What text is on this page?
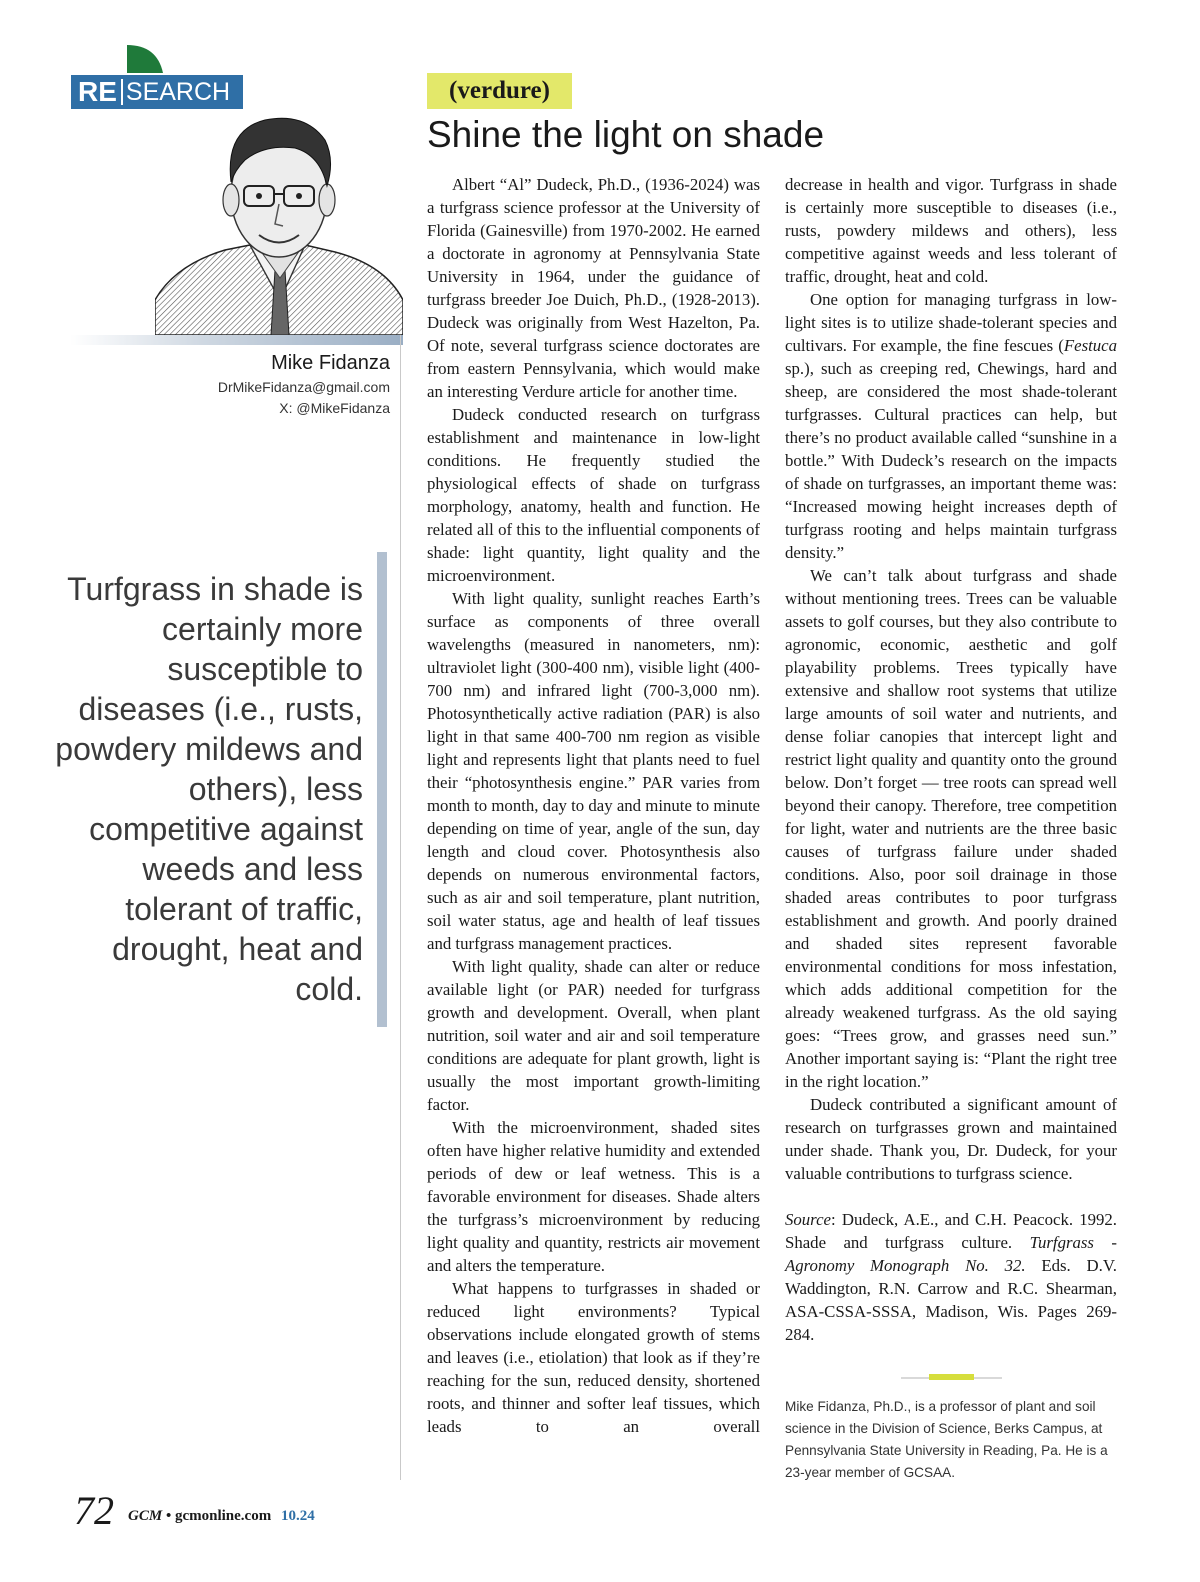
RE SEARCH
Mike Fidanza
DrMikeFidanza@gmail.com
X: @MikeFidanza
Turfgrass in shade is certainly more susceptible to diseases (i.e., rusts, powdery mildews and others), less competitive against weeds and less tolerant of traffic, drought, heat and cold.
(verdure)
Shine the light on shade

Albert “Al” Dudeck, Ph.D., (1936-2024) was a turfgrass science professor at the University of Florida (Gainesville) from 1970-2002. He earned a doctorate in agronomy at Pennsylvania State University in 1964, under the guidance of turfgrass breeder Joe Duich, Ph.D., (1928-2013). Dudeck was originally from West Hazelton, Pa. Of note, several turfgrass science doctorates are from eastern Pennsylvania, which would make an interesting Verdure article for another time.

Dudeck conducted research on turfgrass establishment and maintenance in low-light conditions. He frequently studied the physiological effects of shade on turfgrass morphology, anatomy, health and function. He related all of this to the influential components of shade: light quantity, light quality and the microenvironment.

With light quality, sunlight reaches Earth’s surface as components of three overall wavelengths (measured in nanometers, nm): ultraviolet light (300-400 nm), visible light (400-700 nm) and infrared light (700-3,000 nm). Photosynthetically active radiation (PAR) is also light in that same 400-700 nm region as visible light and represents light that plants need to fuel their “photosynthesis engine.” PAR varies from month to month, day to day and minute to minute depending on time of year, angle of the sun, day length and cloud cover. Photosynthesis also depends on numerous environmental factors, such as air and soil temperature, plant nutrition, soil water status, age and health of leaf tissues and turfgrass management practices.

With light quality, shade can alter or reduce available light (or PAR) needed for turfgrass growth and development. Overall, when plant nutrition, soil water and air and soil temperature conditions are adequate for plant growth, light is usually the most important growth-limiting factor.

With the microenvironment, shaded sites often have higher relative humidity and extended periods of dew or leaf wetness. This is a favorable environment for diseases. Shade alters the turfgrass’s microenvironment by reducing light quality and quantity, restricts air movement and alters the temperature.

What happens to turfgrasses in shaded or reduced light environments? Typical observations include elongated growth of stems and leaves (i.e., etiolation) that look as if they’re reaching for the sun, reduced density, shortened roots, and thinner and softer leaf tissues, which leads to an overall

decrease in health and vigor. Turfgrass in shade is certainly more susceptible to diseases (i.e., rusts, powdery mildews and others), less competitive against weeds and less tolerant of traffic, drought, heat and cold.

One option for managing turfgrass in low-light sites is to utilize shade-tolerant species and cultivars. For example, the fine fescues (Festuca sp.), such as creeping red, Chewings, hard and sheep, are considered the most shade-tolerant turfgrasses. Cultural practices can help, but there’s no product available called “sunshine in a bottle.” With Dudeck’s research on the impacts of shade on turfgrasses, an important theme was: “Increased mowing height increases depth of turfgrass rooting and helps maintain turfgrass density.”

We can’t talk about turfgrass and shade without mentioning trees. Trees can be valuable assets to golf courses, but they also contribute to agronomic, economic, aesthetic and golf playability problems. Trees typically have extensive and shallow root systems that utilize large amounts of soil water and nutrients, and dense foliar canopies that intercept light and restrict light quality and quantity onto the ground below. Don’t forget — tree roots can spread well beyond their canopy. Therefore, tree competition for light, water and nutrients are the three basic causes of turfgrass failure under shaded conditions. Also, poor soil drainage in those shaded areas contributes to poor turfgrass establishment and growth. And poorly drained and shaded sites represent favorable environmental conditions for moss infestation, which adds additional competition for the already weakened turfgrass. As the old saying goes: “Trees grow, and grasses need sun.” Another important saying is: “Plant the right tree in the right location.”

Dudeck contributed a significant amount of research on turfgrasses grown and maintained under shade. Thank you, Dr. Dudeck, for your valuable contributions to turfgrass science.

Source: Dudeck, A.E., and C.H. Peacock. 1992. Shade and turfgrass culture. Turfgrass - Agronomy Monograph No. 32. Eds. D.V. Waddington, R.N. Carrow and R.C. Shearman, ASA-CSSA-SSSA, Madison, Wis. Pages 269-284.

Mike Fidanza, Ph.D., is a professor of plant and soil science in the Division of Science, Berks Campus, at Pennsylvania State University in Reading, Pa. He is a 23-year member of GCSAA.
72 GCM • gcmonline.com 10.24
